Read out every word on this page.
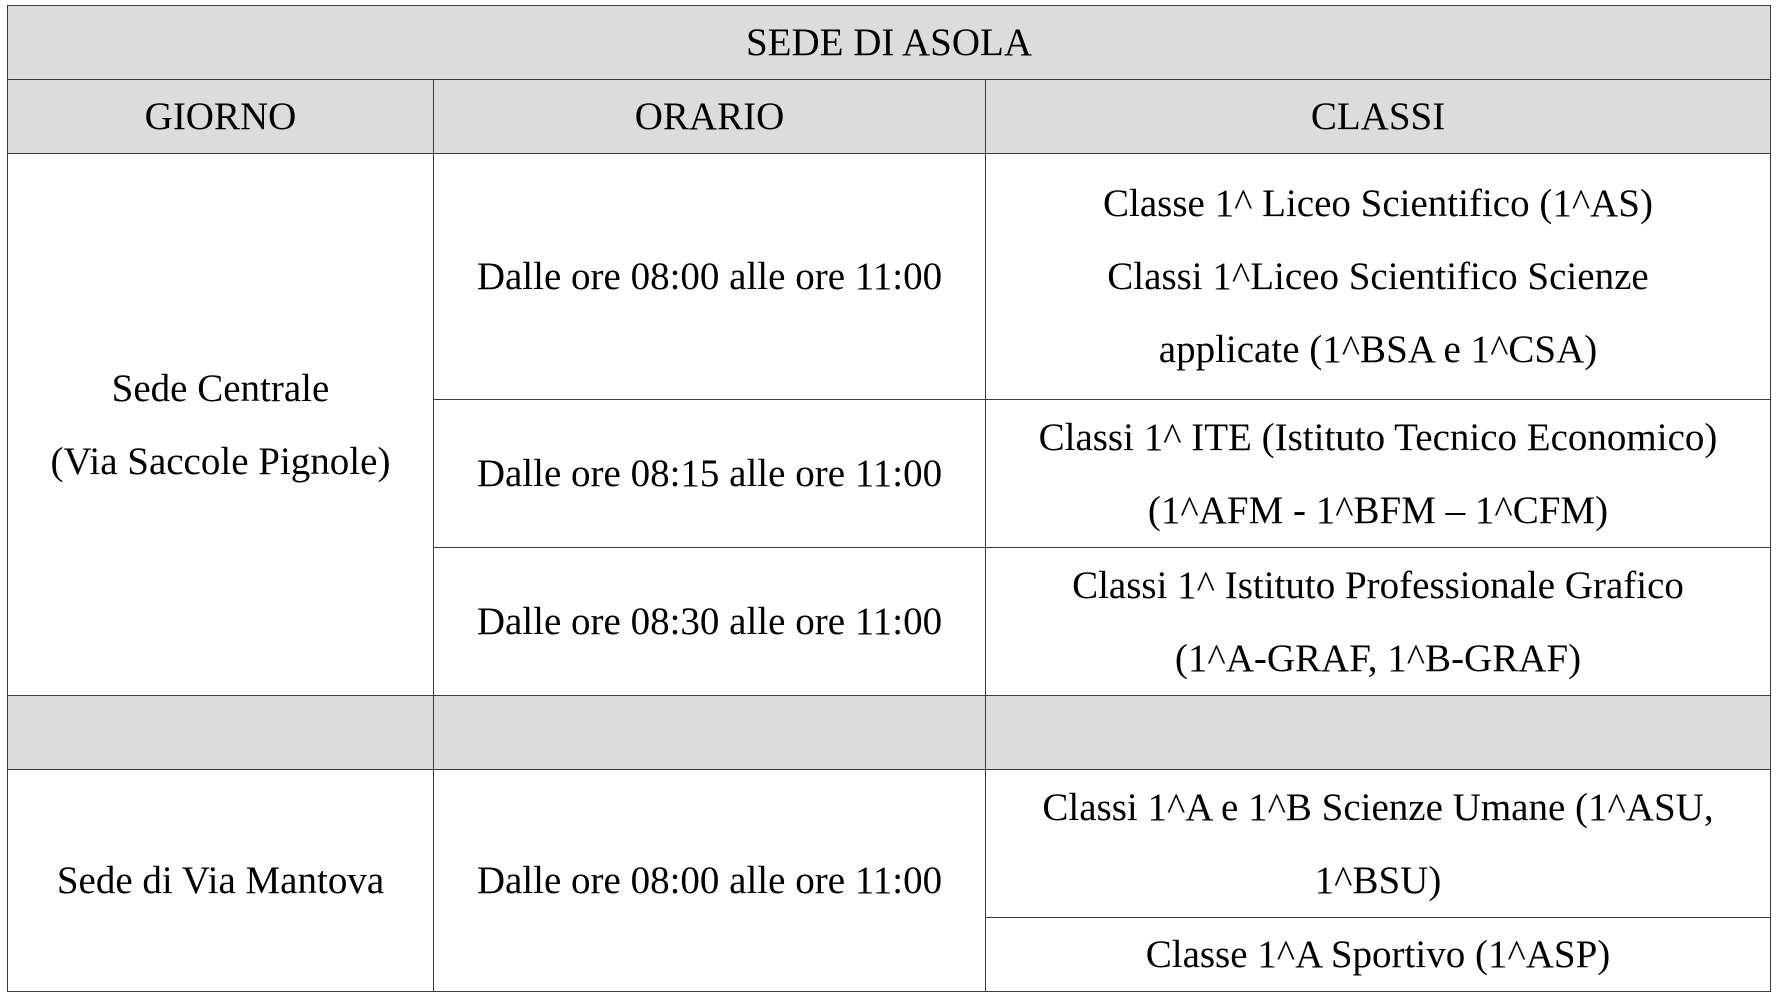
SEDE DI ASOLA		
GIORNO	ORARIO	CLASSI

Sede Centrale
(Via Saccole Pignole)	Dalle ore 08:00 alle ore 11:00	Classe 1^ Liceo Scientifico (1^AS)
Classi 1^Liceo Scientifico Scienze
applicate (1^BSA e 1^CSA)

	Dalle ore 08:15 alle ore 11:00	Classi 1^ ITE (Istituto Tecnico Economico)
(1^AFM - 1^BFM – 1^CFM)

	Dalle ore 08:30 alle ore 11:00	Classi 1^ Istituto Professionale Grafico
(1^A-GRAF, 1^B-GRAF)

Sede di Via Mantova	Dalle ore 08:00 alle ore 11:00	Classi 1^A e 1^B Scienze Umane (1^ASU,
1^BSU)

		Classe 1^A Sportivo (1^ASP)
